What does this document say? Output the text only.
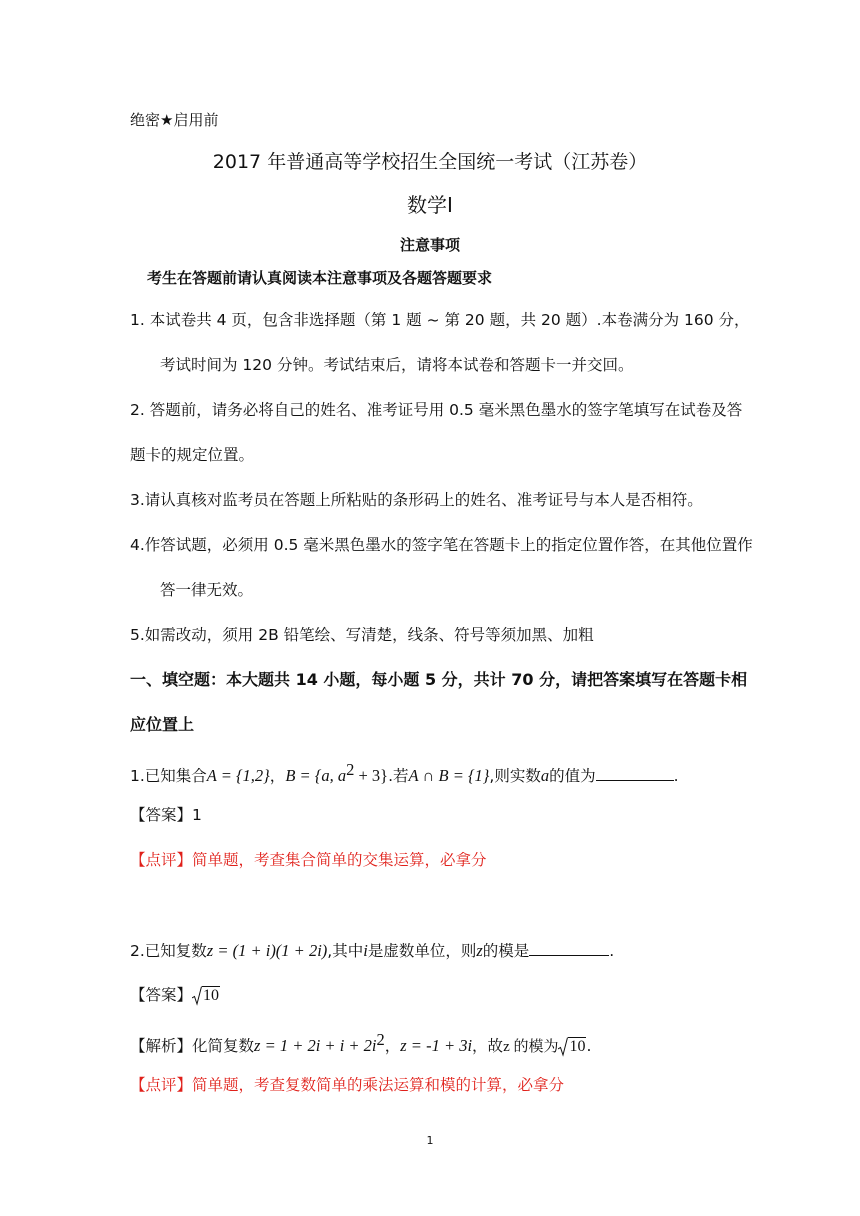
绝密★启用前
2017 年普通高等学校招生全国统一考试（江苏卷）
数学Ⅰ
注意事项
考生在答题前请认真阅读本注意事项及各题答题要求
1. 本试卷共 4 页，包含非选择题（第 1 题 ~ 第 20 题，共 20 题）.本卷满分为 160 分，
考试时间为 120 分钟。考试结束后，请将本试卷和答题卡一并交回。
2. 答题前，请务必将自己的姓名、准考证号用 0.5 毫米黑色墨水的签字笔填写在试卷及答
题卡的规定位置。
3.请认真核对监考员在答题上所粘贴的条形码上的姓名、准考证号与本人是否相符。
4.作答试题，必须用 0.5 毫米黑色墨水的签字笔在答题卡上的指定位置作答，在其他位置作
答一律无效。
5.如需改动，须用 2B 铅笔绘、写清楚，线条、符号等须加黑、加粗
一、填空题：本大题共 14 小题，每小题 5 分，共计 70 分，请把答案填写在答题卡相
应位置上
1.已知集合A = {1,2}，B = {a, $a^2 + 3$}.若A ∩ B = {1},则实数a的值为	.
【答案】1
【点评】简单题，考查集合简单的交集运算，必拿分
2.已知复数z = (1 + i)(1 + 2i),其中i是虚数单位，则z的模是	.
【答案】 10
【解析】化简复数$z = 1 + 2i + i + 2i^2$，z = -1 + 3i，故z 的模为 10 .
【点评】简单题，考查复数简单的乘法运算和模的计算，必拿分
1
